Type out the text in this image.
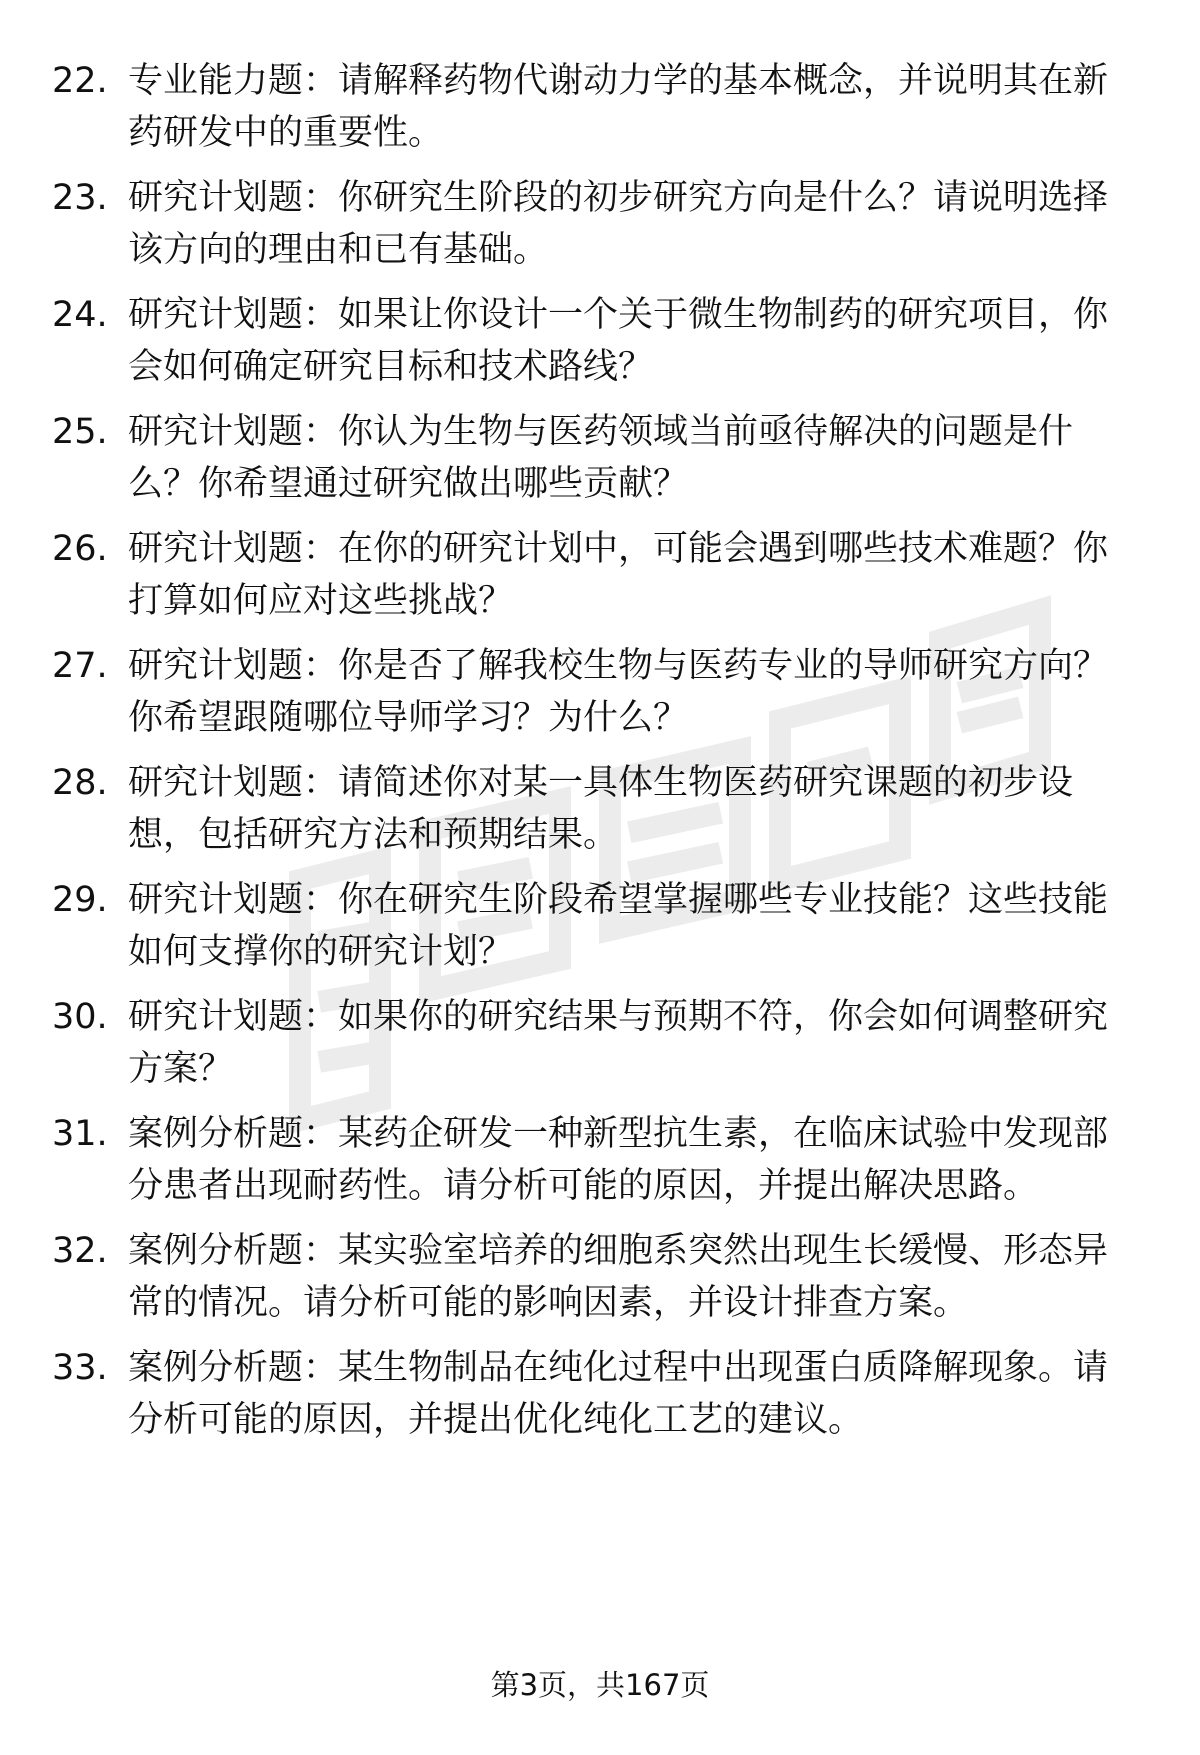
22. 专业能力题：请解释药物代谢动力学的基本概念，并说明其在新
药研发中的重要性。
23. 研究计划题：你研究生阶段的初步研究方向是什么？请说明选择
该方向的理由和已有基础。
24. 研究计划题：如果让你设计一个关于微生物制药的研究项目，你
会如何确定研究目标和技术路线？
25. 研究计划题：你认为生物与医药领域当前亟待解决的问题是什
么？你希望通过研究做出哪些贡献？
26. 研究计划题：在你的研究计划中，可能会遇到哪些技术难题？你
打算如何应对这些挑战？
27. 研究计划题：你是否了解我校生物与医药专业的导师研究方向？
你希望跟随哪位导师学习？为什么？
28. 研究计划题：请简述你对某一具体生物医药研究课题的初步设
想，包括研究方法和预期结果。
29. 研究计划题：你在研究生阶段希望掌握哪些专业技能？这些技能
如何支撑你的研究计划？
30. 研究计划题：如果你的研究结果与预期不符，你会如何调整研究
方案？
31. 案例分析题：某药企研发一种新型抗生素，在临床试验中发现部
分患者出现耐药性。请分析可能的原因，并提出解决思路。
32. 案例分析题：某实验室培养的细胞系突然出现生长缓慢、形态异
常的情况。请分析可能的影响因素，并设计排查方案。
33. 案例分析题：某生物制品在纯化过程中出现蛋白质降解现象。请
分析可能的原因，并提出优化纯化工艺的建议。
第3页，共167页
